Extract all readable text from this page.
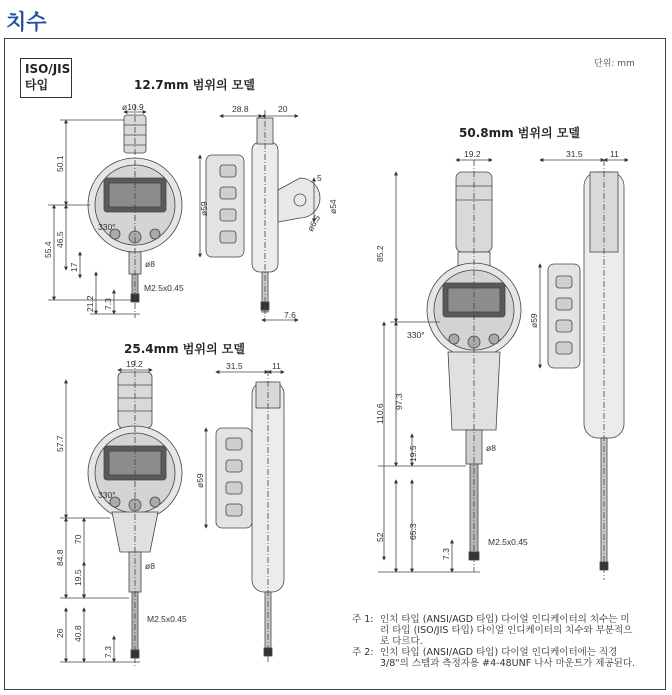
치수
ISO/JIS
타입
단위: mm
12.7mm 범위의 모델
50.8mm 범위의 모델
25.4mm 범위의 모델
ø10.9
50.1
55.4
46.5
17
21.2 7.3
330°
ø8
M2.5x0.45
28.8	20
5
ø6.5
ø54
ø59
7.6
19.2	31.5	11
57.7
84.8
70
19.5
26 40.8
7.3
330°
ø8
M2.5x0.45
ø59
19.2	31.5	11
85.2
110.6
97.3
19.5
52	65.3
7.3
330°
ø8
M2.5x0.45
ø59
주 1: 인치 타입 (ANSI/AGD 타입) 다이얼 인디케이터의 치수는 미리 타입 (ISO/JIS 타입) 다이얼 인디케이터의 치수와 부분적으로 다르다.
주 2: 인치 타입 (ANSI/AGD 타입) 다이얼 인디케이터에는 직경 3/8"의 스템과 측정자용 #4-48UNF 나사 마운트가 제공된다.
